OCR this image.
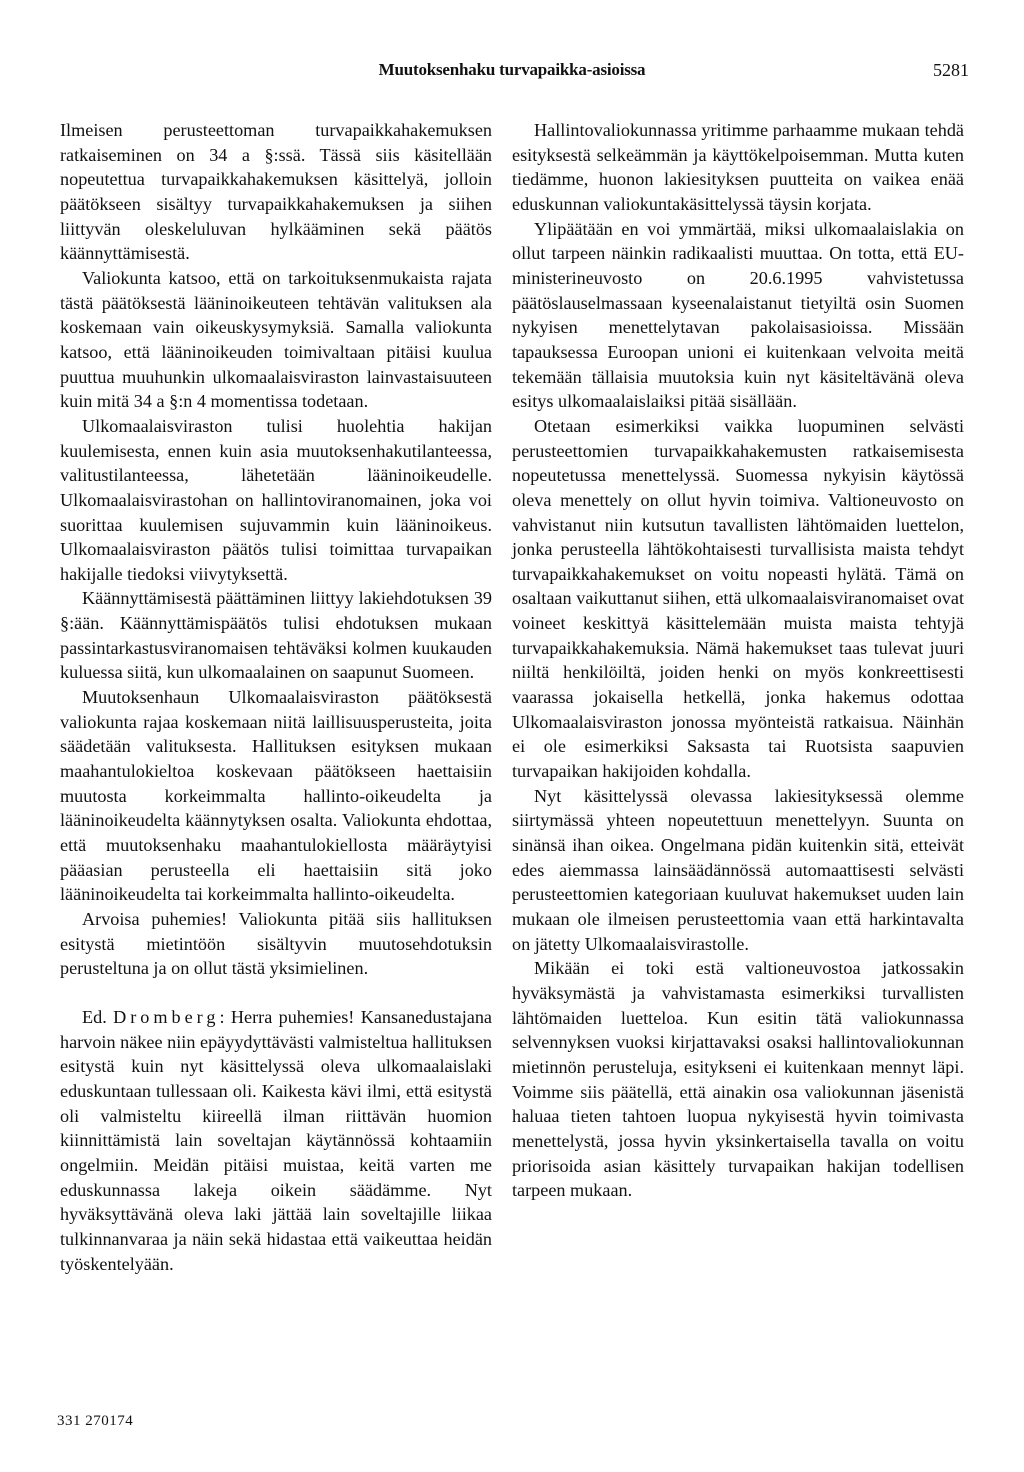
Muutoksenhaku turvapaikka-asioissa	5281

Ilmeisen perusteettoman turvapaikkahakemuksen ratkaiseminen on 34 a §:ssä. Tässä siis käsitellään nopeutettua turvapaikkahakemuksen käsittelyä, jolloin päätökseen sisältyy turvapaikkahakemuksen ja siihen liittyvän oleskeluluvan hylkääminen sekä päätös käännyttämisestä.

Valiokunta katsoo, että on tarkoituksenmukaista rajata tästä päätöksestä lääninoikeuteen tehtävän valituksen ala koskemaan vain oikeuskysymyksiä. Samalla valiokunta katsoo, että lääninoikeuden toimivaltaan pitäisi kuulua puuttua muuhunkin ulkomaalaisviraston lainvastaisuuteen kuin mitä 34 a §:n 4 momentissa todetaan.

Ulkomaalaisviraston tulisi huolehtia hakijan kuulemisesta, ennen kuin asia muutoksenhakutilanteessa, valitustilanteessa, lähetetään lääninoikeudelle. Ulkomaalaisvirastohan on hallintoviranomainen, joka voi suorittaa kuulemisen sujuvammin kuin lääninoikeus. Ulkomaalaisviraston päätös tulisi toimittaa turvapaikan hakijalle tiedoksi viivytyksettä.

Käännyttämisestä päättäminen liittyy lakiehdotuksen 39 §:ään. Käännyttämispäätös tulisi ehdotuksen mukaan passintarkastusviranomaisen tehtäväksi kolmen kuukauden kuluessa siitä, kun ulkomaalainen on saapunut Suomeen.

Muutoksenhaun Ulkomaalaisviraston päätöksestä valiokunta rajaa koskemaan niitä laillisuusperusteita, joita säädetään valituksesta. Hallituksen esityksen mukaan maahantulokieltoa koskevaan päätökseen haettaisiin muutosta korkeimmalta hallinto-oikeudelta ja lääninoikeudelta käännytyksen osalta. Valiokunta ehdottaa, että muutoksenhaku maahantulokiellosta määräytyisi pääasian perusteella eli haettaisiin sitä joko lääninoikeudelta tai korkeimmalta hallinto-oikeudelta.

Arvoisa puhemies! Valiokunta pitää siis hallituksen esitystä mietintöön sisältyvin muutosehdotuksin perusteltuna ja on ollut tästä yksimielinen.

Ed. Dromberg: Herra puhemies! Kansanedustajana harvoin näkee niin epäyydyttävästi valmisteltua hallituksen esitystä kuin nyt käsittelyssä oleva ulkomaalaislaki eduskuntaan tullessaan oli. Kaikesta kävi ilmi, että esitystä oli valmisteltu kiireellä ilman riittävän huomion kiinnittämistä lain soveltajan käytännössä kohtaamiin ongelmiin. Meidän pitäisi muistaa, keitä varten me eduskunnassa lakeja oikein säädämme. Nyt hyväksyttävänä oleva laki jättää lain soveltajille liikaa tulkinnanvaraa ja näin sekä hidastaa että vaikeuttaa heidän työskentelyään.

Hallintovaliokunnassa yritimme parhaamme mukaan tehdä esityksestä selkeämmän ja käyttökelpoisemman. Mutta kuten tiedämme, huonon lakiesityksen puutteita on vaikea enää eduskunnan valiokuntakäsittelyssä täysin korjata.

Ylipäätään en voi ymmärtää, miksi ulkomaalaislakia on ollut tarpeen näinkin radikaalisti muuttaa. On totta, että EU-ministerineuvosto on 20.6.1995 vahvistetussa päätöslauselmassaan kyseenalaistanut tietyiltä osin Suomen nykyisen menettelytavan pakolaisasioissa. Missään tapauksessa Euroopan unioni ei kuitenkaan velvoita meitä tekemään tällaisia muutoksia kuin nyt käsiteltävänä oleva esitys ulkomaalaislaiksi pitää sisällään.

Otetaan esimerkiksi vaikka luopuminen selvästi perusteettomien turvapaikkahakemusten ratkaisemisesta nopeutetussa menettelyssä. Suomessa nykyisin käytössä oleva menettely on ollut hyvin toimiva. Valtioneuvosto on vahvistanut niin kutsutun tavallisten lähtömaiden luettelon, jonka perusteella lähtökohtaisesti turvallisista maista tehdyt turvapaikkahakemukset on voitu nopeasti hylätä. Tämä on osaltaan vaikuttanut siihen, että ulkomaalaisviranomaiset ovat voineet keskittyä käsittelemään muista maista tehtyjä turvapaikkahakemuksia. Nämä hakemukset taas tulevat juuri niiltä henkilöiltä, joiden henki on myös konkreettisesti vaarassa jokaisella hetkellä, jonka hakemus odottaa Ulkomaalaisviraston jonossa myönteistä ratkaisua. Näinhän ei ole esimerkiksi Saksasta tai Ruotsista saapuvien turvapaikan hakijoiden kohdalla.

Nyt käsittelyssä olevassa lakiesityksessä olemme siirtymässä yhteen nopeutettuun menettelyyn. Suunta on sinänsä ihan oikea. Ongelmana pidän kuitenkin sitä, etteivät edes aiemmassa lainsäädännössä automaattisesti selvästi perusteettomien kategoriaan kuuluvat hakemukset uuden lain mukaan ole ilmeisen perusteettomia vaan että harkintavalta on jätetty Ulkomaalaisvirastolle.

Mikään ei toki estä valtioneuvostoa jatkossakin hyväksymästä ja vahvistamasta esimerkiksi turvallisten lähtömaiden luetteloa. Kun esitin tätä valiokunnassa selvennyksen vuoksi kirjattavaksi osaksi hallintovaliokunnan mietinnön perusteluja, esitykseni ei kuitenkaan mennyt läpi. Voimme siis päätellä, että ainakin osa valiokunnan jäsenistä haluaa tieten tahtoen luopua nykyisestä hyvin toimivasta menettelystä, jossa hyvin yksinkertaisella tavalla on voitu priorisoida asian käsittely turvapaikan hakijan todellisen tarpeen mukaan.

331 270174
